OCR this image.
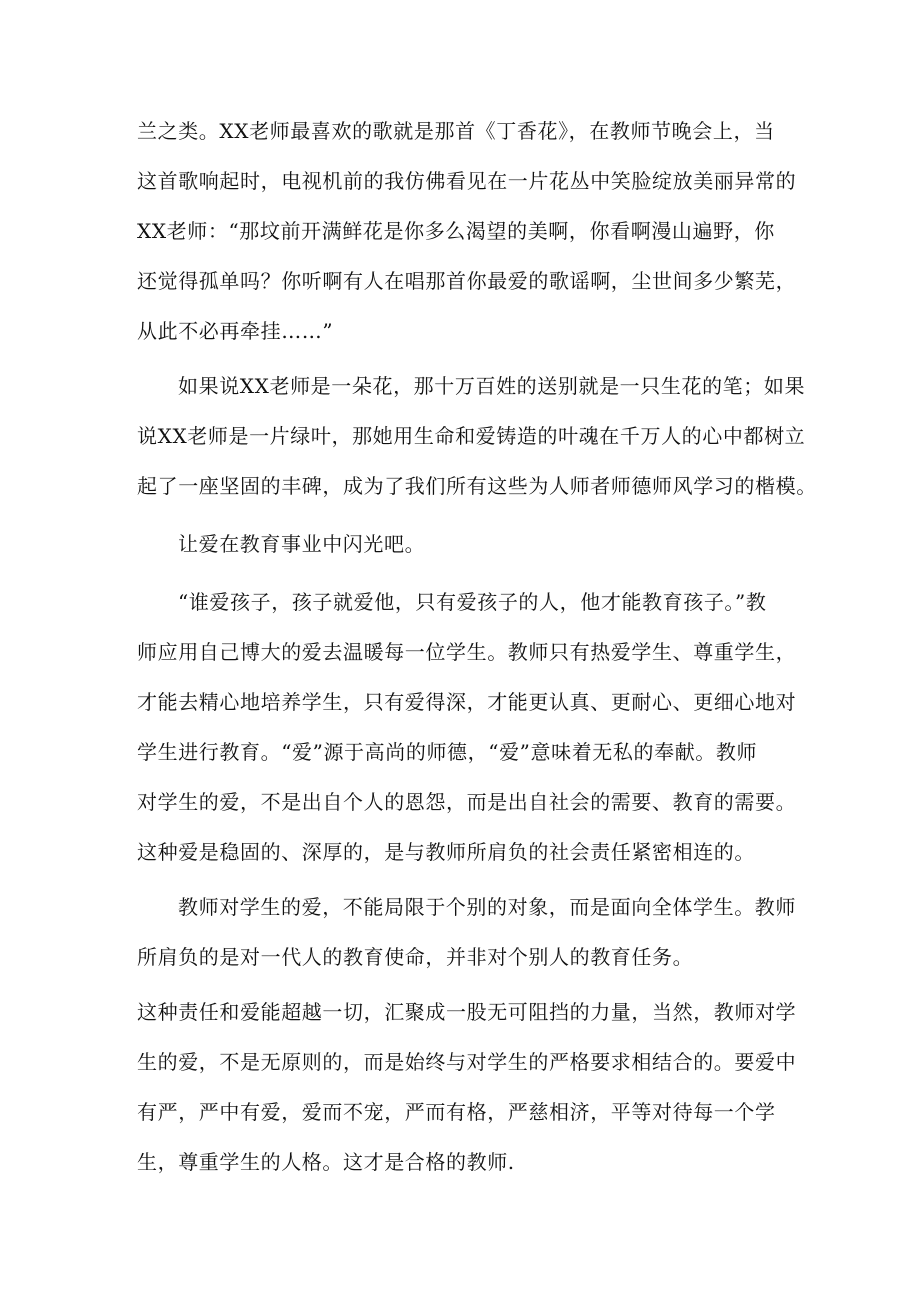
兰之类。XX老师最喜欢的歌就是那首《丁香花》，在教师节晚会上，当
这首歌响起时，电视机前的我仿佛看见在一片花丛中笑脸绽放美丽异常的
XX老师：“那坟前开满鲜花是你多么渴望的美啊，你看啊漫山遍野，你
还觉得孤单吗？你听啊有人在唱那首你最爱的歌谣啊，尘世间多少繁芜，
从此不必再牵挂……”
如果说XX老师是一朵花，那十万百姓的送别就是一只生花的笔；如果
说XX老师是一片绿叶，那她用生命和爱铸造的叶魂在千万人的心中都树立
起了一座坚固的丰碑，成为了我们所有这些为人师者师德师风学习的楷模。
让爱在教育事业中闪光吧。
“谁爱孩子，孩子就爱他，只有爱孩子的人，他才能教育孩子。”教
师应用自己博大的爱去温暖每一位学生。教师只有热爱学生、尊重学生，
才能去精心地培养学生，只有爱得深，才能更认真、更耐心、更细心地对
学生进行教育。“爱”源于高尚的师德，“爱”意味着无私的奉献。教师
对学生的爱，不是出自个人的恩怨，而是出自社会的需要、教育的需要。
这种爱是稳固的、深厚的，是与教师所肩负的社会责任紧密相连的。
教师对学生的爱，不能局限于个别的对象，而是面向全体学生。教师
所肩负的是对一代人的教育使命，并非对个别人的教育任务。
这种责任和爱能超越一切，汇聚成一股无可阻挡的力量，当然，教师对学
生的爱，不是无原则的，而是始终与对学生的严格要求相结合的。要爱中
有严，严中有爱，爱而不宠，严而有格，严慈相济，平等对待每一个学
生，尊重学生的人格。这才是合格的教师.
